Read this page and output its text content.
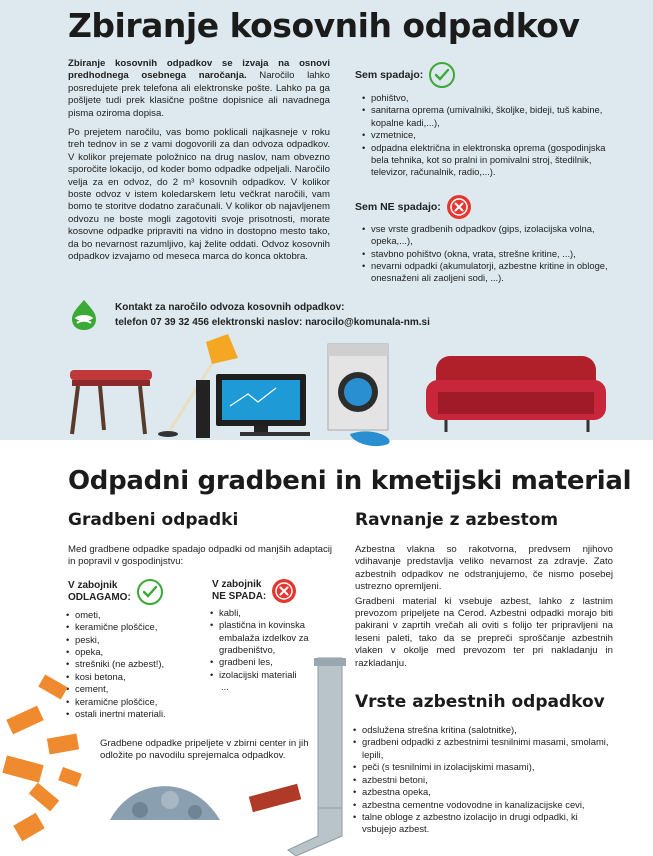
Zbiranje kosovnih odpadkov

Zbiranje kosovnih odpadkov se izvaja na osnovi predhodnega osebnega naročanja. Naročilo lahko posredujete prek telefona ali elektronske pošte. Lahko pa ga pošljete tudi prek klasične poštne dopisnice ali navadnega pisma oziroma dopisa.

Po prejetem naročilu, vas bomo poklicali najkasneje v roku treh tednov in se z vami dogovorili za dan odvoza odpadkov. V kolikor prejemate položnico na drug naslov, nam obvezno sporočite lokacijo, od koder bomo odpadke odpeljali. Naročilo velja za en odvoz, do 2 m³ kosovnih odpadkov. V kolikor boste odvoz v istem koledarskem letu večkrat naročili, vam bomo te storitve dodatno zaračunali. V kolikor ob najavljenem odvozu ne boste mogli zagotoviti svoje prisotnosti, morate kosovne odpadke pripraviti na vidno in dostopno mesto tako, da bo nevarnost razumljivo, kaj želite oddati. Odvoz kosovnih odpadkov izvajamo od meseca marca do konca oktobra.

Sem spadajo:
• pohištvo,
• sanitarna oprema (umivalniki, školjke, bideji, tuš kabine, kopalne kadi,...),
• vzmetnice,
• odpadna električna in elektronska oprema (gospodinjska bela tehnika, kot so pralni in pomivalni stroj, štedilnik, televizor, računalnik, radio,...).
Sem NE spadajo:
• vse vrste gradbenih odpadkov (gips, izolacijska volna, opeka,...),
• stavbno pohištvo (okna, vrata, strešne kritine, ...),
• nevarni odpadki (akumulatorji, azbestne kritine in obloge, onesnaženi ali zaoljeni sodi, ...).
Kontakt za naročilo odvoza kosovnih odpadkov:
telefon 07 39 32 456 elektronski naslov: narocilo@komunala-nm.si
Odpadni gradbeni in kmetijski material
Gradbeni odpadki

Med gradbene odpadke spadajo odpadki od manjših adaptacij in popravil v gospodinjstvu:

V zabojnik
ODLAGAMO:
• ometi,
• keramične ploščice,
• peski,
• opeka,
• strešniki (ne azbest!),
• kosi betona,
• cement,
• keramične ploščice,
• ostali inertni materiali.
V zabojnik
NE SPADA:
• kabli,
• plastična in kovinska embalaža izdelkov za gradbeništvo,
• gradbeni les,
• izolacijski materiali
...

Gradbene odpadke pripeljete v zbirni center in jih odložite po navodilu sprejemalca odpadkov.

Ravnanje z azbestom

Azbestna vlakna so rakotvorna, predvsem njihovo vdihavanje predstavlja veliko nevarnost za zdravje. Zato azbestnih odpadkov ne odstranjujemo, če nismo posebej ustrezno opremljeni.

Gradbeni material ki vsebuje azbest, lahko z lastnim prevozom pripeljete na Cerod. Azbestni odpadki morajo biti pakirani v zaprtih vrečah ali oviti s folijo ter pripravljeni na lesenі paleti, tako da se prepreči sproščanje azbestnih vlaken v okolje med prevozom ter pri nakladanju in razkladanju.

Vrste azbestnih odpadkov
• odslužena strešna kritina (salotnitke),
• gradbeni odpadki z azbestnimi tesnilnimi masami, smolami, lepili,
• peči (s tesnilnimi in izolacijskimi masami),
• azbestni betoni,
• azbestna opeka,
• azbestna cementne vodovodne in kanalizacijske cevi,
• talne obloge z azbestno izolacijo in drugi odpadki, ki vsbujejo azbest.
